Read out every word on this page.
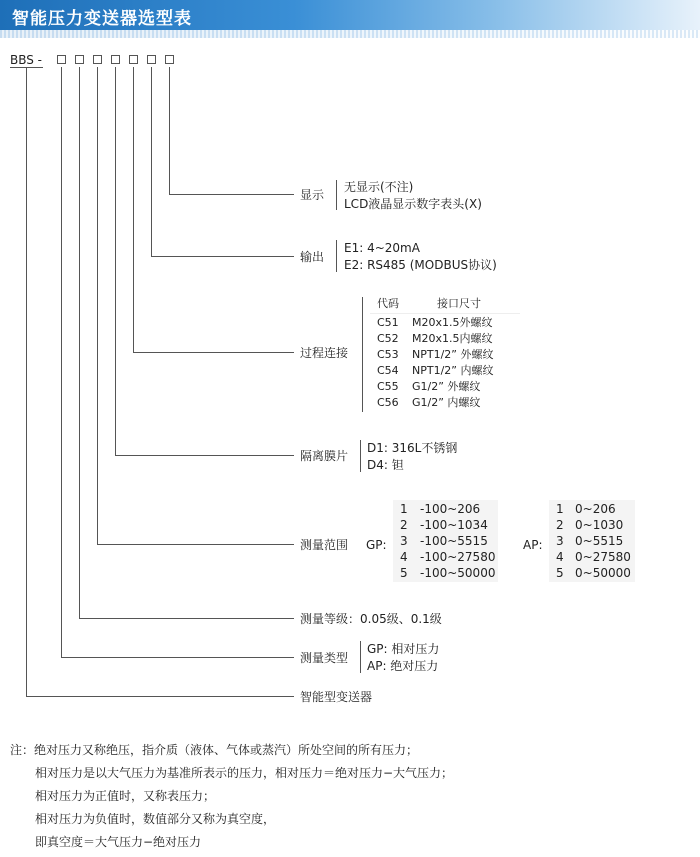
智能压力变送器选型表
BBS -
显示
无显示(不注)
LCD液晶显示数字表头(X)
输出
E1: 4~20mA
E2: RS485 (MODBUS协议)
过程连接
代码	接口尺寸
C51 M20x1.5外螺纹
C52 M20x1.5内螺纹
C53 NPT1/2” 外螺纹
C54 NPT1/2” 内螺纹
C55 G1/2” 外螺纹
C56 G1/2” 内螺纹
隔离膜片
D1: 316L不锈钢
D4: 钽
测量范围 GP:
1 -100~206
2 -100~1034
3 -100~5515
4 -100~27580
5 -100~50000
AP:
1 0~206
2 0~1030
3 0~5515
4 0~27580
5 0~50000
测量等级：0.05级、0.1级
测量类型
GP: 相对压力
AP: 绝对压力
智能型变送器
注：绝对压力又称绝压，指介质（液体、气体或蒸汽）所处空间的所有压力；
相对压力是以大气压力为基准所表示的压力，相对压力＝绝对压力−大气压力；
相对压力为正值时，又称表压力；
相对压力为负值时，数值部分又称为真空度，
即真空度＝大气压力−绝对压力
